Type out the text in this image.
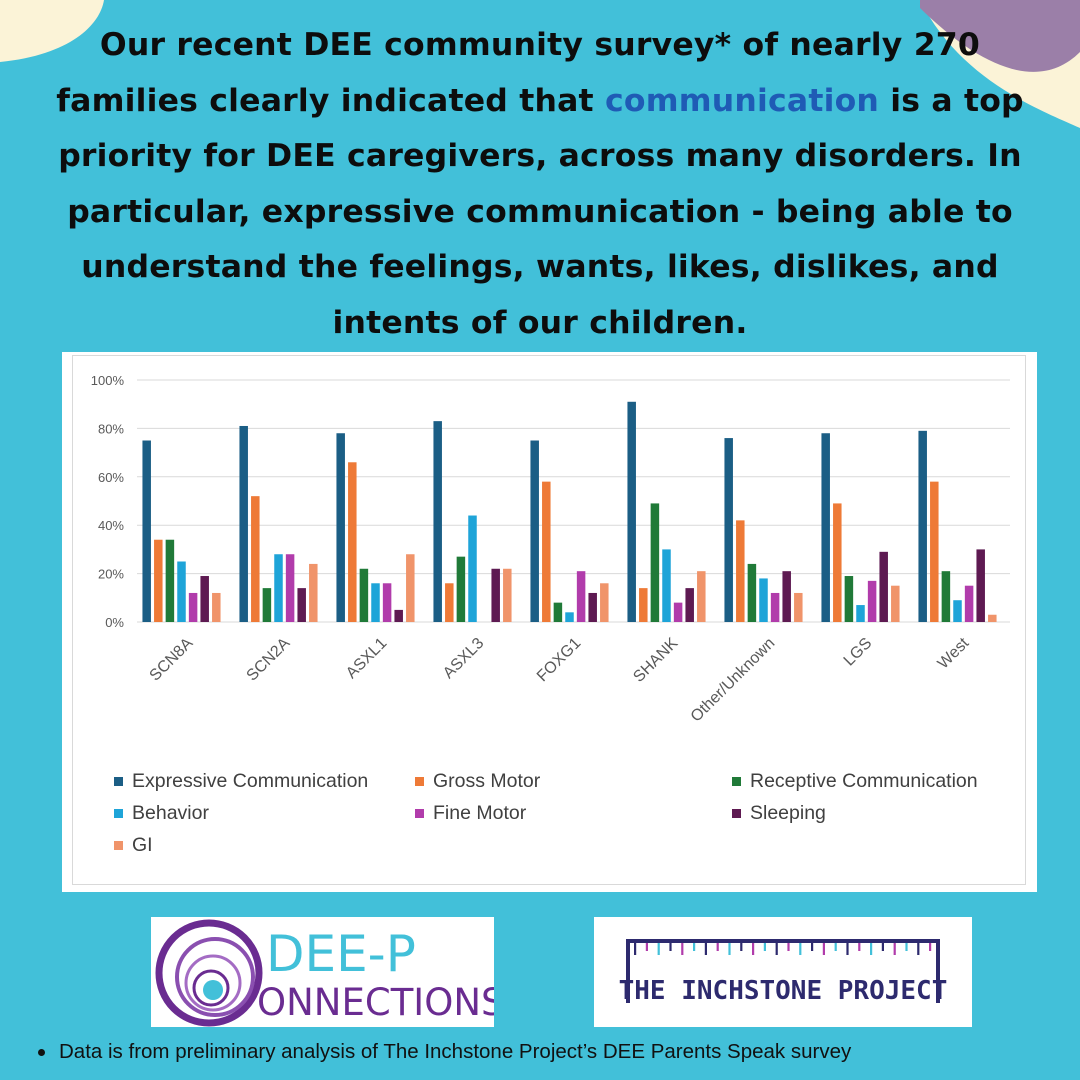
Our recent DEE community survey* of nearly 270 families clearly indicated that communication is a top priority for DEE caregivers, across many disorders. In particular, expressive communication - being able to understand the feelings, wants, likes, dislikes, and intents of our children.
0%
20%
40%
60%
80%
100%
SCN8A	SCN2A	ASXL1	ASXL3	FOXG1	SHANK Other/Unknown	LGS	West
Expressive Communication	Gross Motor	Receptive Communication
Behavior	Fine Motor	Sleeping
GI
DEE-P
ONNECTIONS	THE INCHSTONE PROJECT
Data is from preliminary analysis of The Inchstone Project’s DEE Parents Speak survey
